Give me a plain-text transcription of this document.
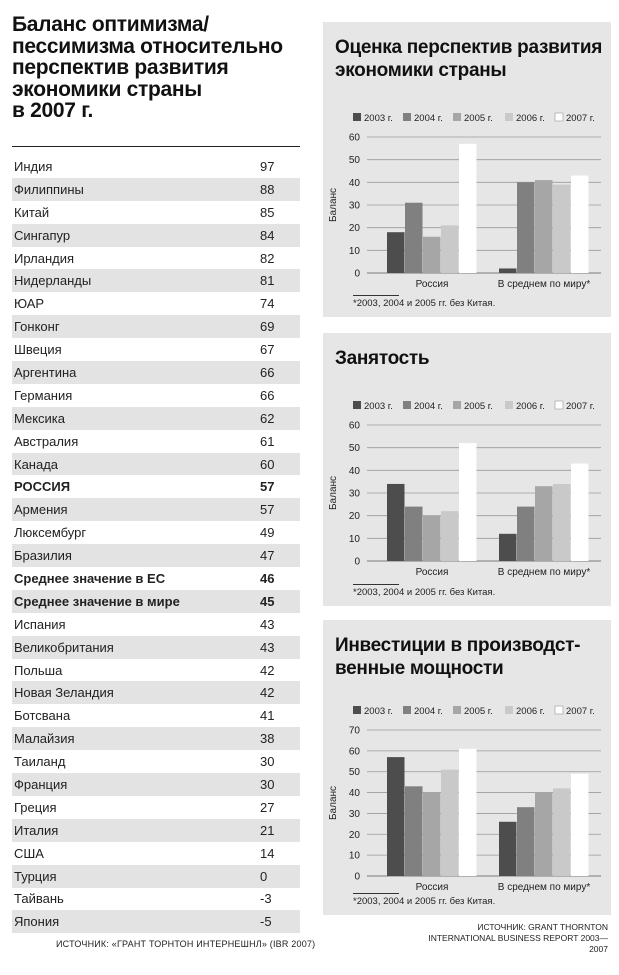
Баланс оптимизма/
пессимизма относительно
перспектив развития
экономики страны
в 2007 г.
Индия	97
Филиппины	88
Китай	85
Сингапур	84
Ирландия	82
Нидерланды	81
ЮАР	74
Гонконг	69
Швеция	67
Аргентина	66
Германия	66
Мексика	62
Австралия	61
Канада	60
РОССИЯ	57
Армения	57
Люксембург	49
Бразилия	47
Среднее значение в ЕС	46
Среднее значение в мире	45
Испания	43
Великобритания	43
Польша	42
Новая Зеландия	42
Ботсвана	41
Малайзия	38
Таиланд	30
Франция	30
Греция	27
Италия	21
США	14
Турция	0
Тайвань	-3
Япония	-5
ИСТОЧНИК: «ГРАНТ ТОРНТОН ИНТЕРНЕШНЛ» (IBR 2007)
Оценка перспектив развития
экономики страны
2003 г. 2004 г. 2005 г. 2006 г. 2007 г.
0
10
20
30
40
50
60
Баланс
Россия	В среднем по миру*
*2003, 2004 и 2005 гг. без Китая.
Занятость
2003 г. 2004 г. 2005 г. 2006 г. 2007 г.
0
10
20
30
40
50
60
Баланс
Россия	В среднем по миру*
*2003, 2004 и 2005 гг. без Китая.
Инвестиции в производст-
венные мощности
2003 г. 2004 г. 2005 г. 2006 г. 2007 г.
0
10
20
30
40
50
60
70
Баланс
Россия	В среднем по миру*
*2003, 2004 и 2005 гг. без Китая.
ИСТОЧНИК: GRANT THORNTON
INTERNATIONAL BUSINESS REPORT 2003—2007
